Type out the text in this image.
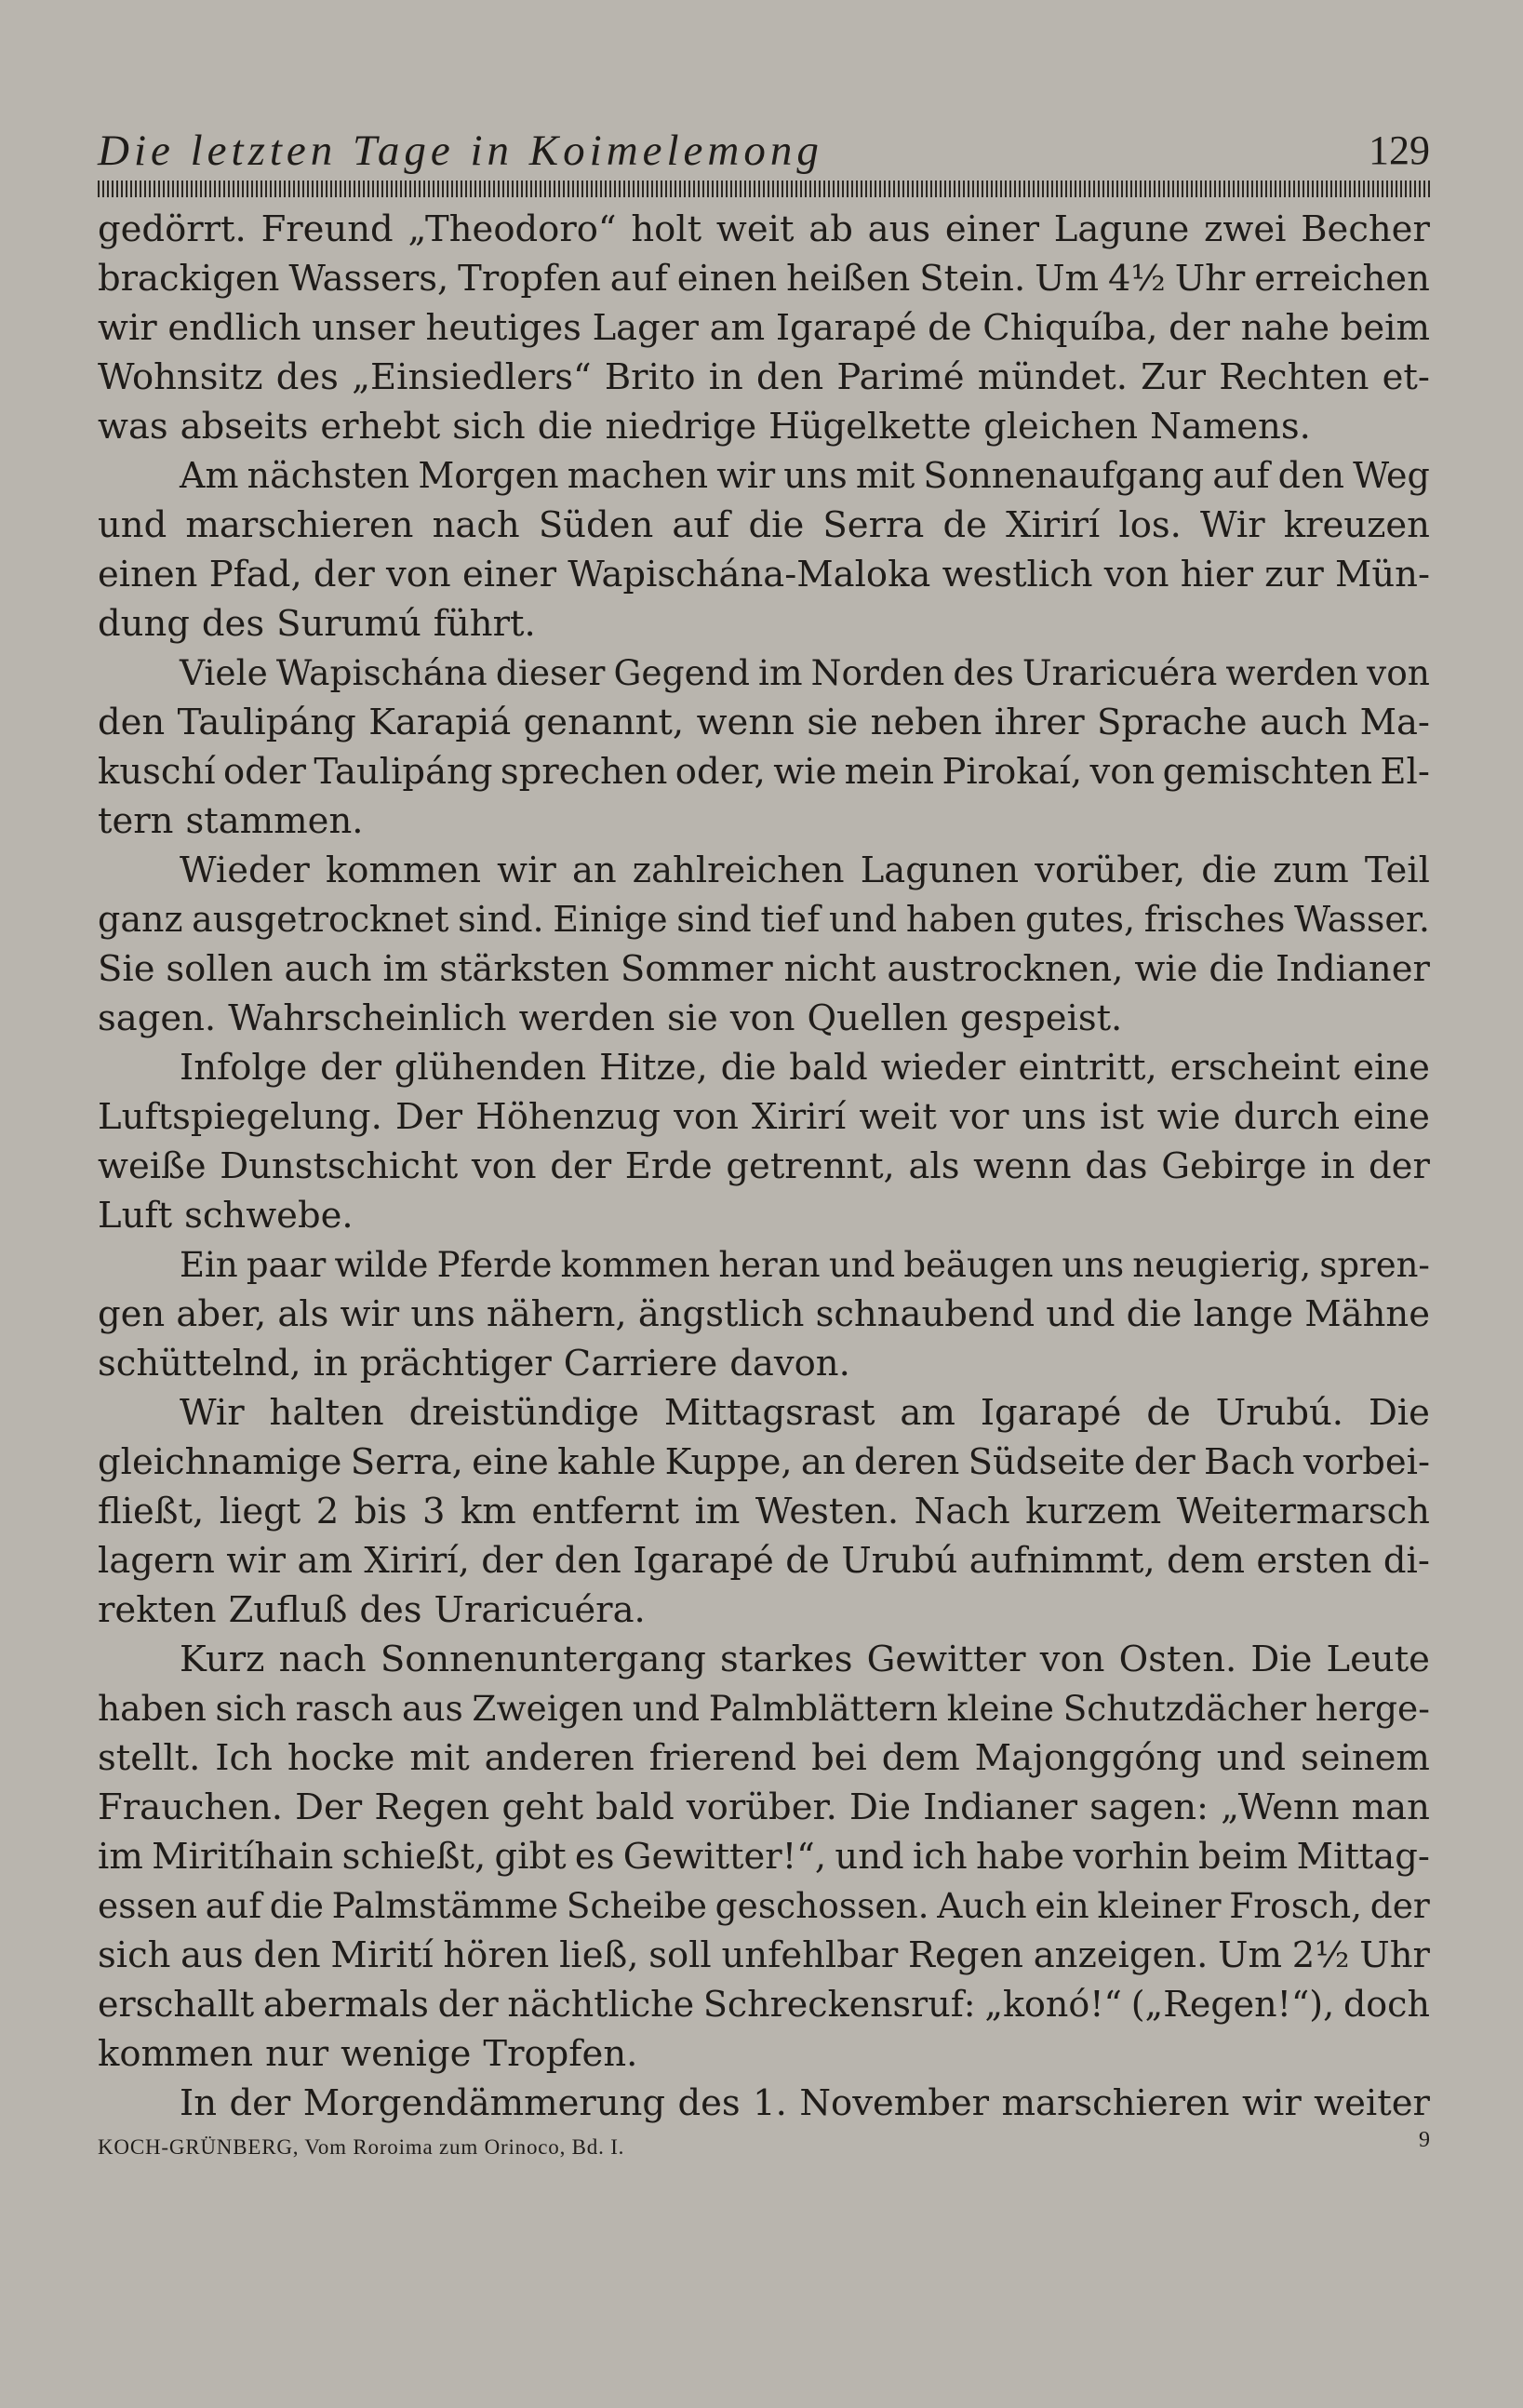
Die letzten Tage in Koimelemong	129
gedörrt. Freund „Theodoro“ holt weit ab aus einer Lagune zwei Becher
brackigen Wassers, Tropfen auf einen heißen Stein. Um 4½ Uhr erreichen
wir endlich unser heutiges Lager am Igarapé de Chiquíba, der nahe beim
Wohnsitz des „Einsiedlers“ Brito in den Parimé mündet. Zur Rechten et-
was abseits erhebt sich die niedrige Hügelkette gleichen Namens.
Am nächsten Morgen machen wir uns mit Sonnenaufgang auf den Weg
und marschieren nach Süden auf die Serra de Xirirí los. Wir kreuzen
einen Pfad, der von einer Wapischána-Maloka westlich von hier zur Mün-
dung des Surumú führt.
Viele Wapischána dieser Gegend im Norden des Uraricuéra werden von
den Taulipáng Karapiá genannt, wenn sie neben ihrer Sprache auch Ma-
kuschí oder Taulipáng sprechen oder, wie mein Pirokaí, von gemischten El-
tern stammen.
Wieder kommen wir an zahlreichen Lagunen vorüber, die zum Teil
ganz ausgetrocknet sind. Einige sind tief und haben gutes, frisches Wasser.
Sie sollen auch im stärksten Sommer nicht austrocknen, wie die Indianer
sagen. Wahrscheinlich werden sie von Quellen gespeist.
Infolge der glühenden Hitze, die bald wieder eintritt, erscheint eine
Luftspiegelung. Der Höhenzug von Xirirí weit vor uns ist wie durch eine
weiße Dunstschicht von der Erde getrennt, als wenn das Gebirge in der
Luft schwebe.
Ein paar wilde Pferde kommen heran und beäugen uns neugierig, spren-
gen aber, als wir uns nähern, ängstlich schnaubend und die lange Mähne
schüttelnd, in prächtiger Carriere davon.
Wir halten dreistündige Mittagsrast am Igarapé de Urubú. Die
gleichnamige Serra, eine kahle Kuppe, an deren Südseite der Bach vorbei-
fließt, liegt 2 bis 3 km entfernt im Westen. Nach kurzem Weitermarsch
lagern wir am Xirirí, der den Igarapé de Urubú aufnimmt, dem ersten di-
rekten Zufluß des Uraricuéra.
Kurz nach Sonnenuntergang starkes Gewitter von Osten. Die Leute
haben sich rasch aus Zweigen und Palmblättern kleine Schutzdächer herge-
stellt. Ich hocke mit anderen frierend bei dem Majonggóng und seinem
Frauchen. Der Regen geht bald vorüber. Die Indianer sagen: „Wenn man
im Miritíhain schießt, gibt es Gewitter!“, und ich habe vorhin beim Mittag-
essen auf die Palmstämme Scheibe geschossen. Auch ein kleiner Frosch, der
sich aus den Mirití hören ließ, soll unfehlbar Regen anzeigen. Um 2½ Uhr
erschallt abermals der nächtliche Schreckensruf: „konó!“ („Regen!“), doch
kommen nur wenige Tropfen.
In der Morgendämmerung des 1. November marschieren wir weiter
KOCH-GRÜNBERG, Vom Roroima zum Orinoco, Bd. I.	9
